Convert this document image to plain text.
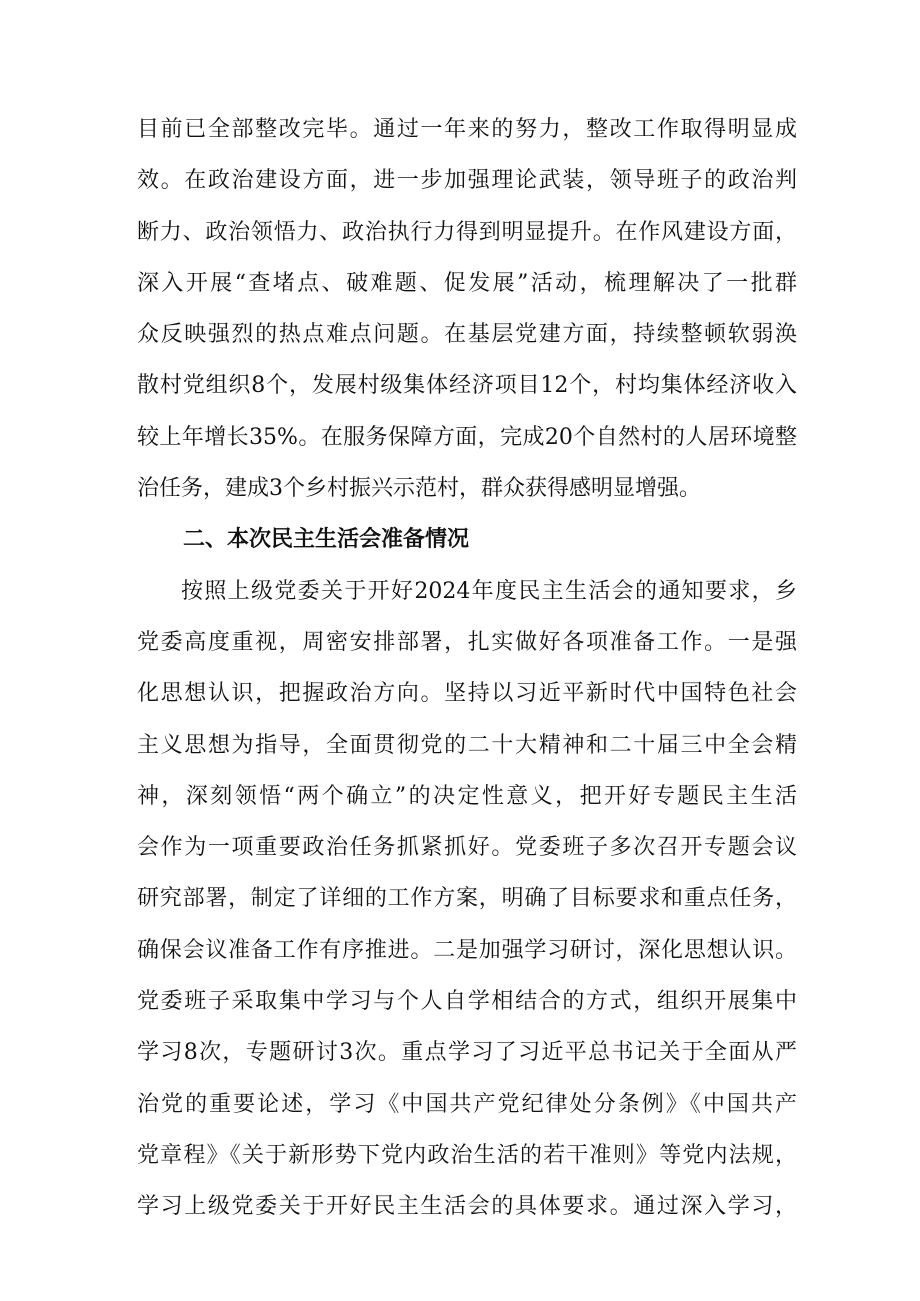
目前已全部整改完毕。通过一年来的努力，整改工作取得明显成
效。在政治建设方面，进一步加强理论武装，领导班子的政治判
断力、政治领悟力、政治执行力得到明显提升。在作风建设方面，
深入开展“查堵点、破难题、促发展”活动，梳理解决了一批群
众反映强烈的热点难点问题。在基层党建方面，持续整顿软弱涣
散村党组织8个，发展村级集体经济项目12个，村均集体经济收入
较上年增长35%。在服务保障方面，完成20个自然村的人居环境整
治任务，建成3个乡村振兴示范村，群众获得感明显增强。
二、本次民主生活会准备情况
按照上级党委关于开好2024年度民主生活会的通知要求，乡
党委高度重视，周密安排部署，扎实做好各项准备工作。一是强
化思想认识，把握政治方向。坚持以习近平新时代中国特色社会
主义思想为指导，全面贯彻党的二十大精神和二十届三中全会精
神，深刻领悟“两个确立”的决定性意义，把开好专题民主生活
会作为一项重要政治任务抓紧抓好。党委班子多次召开专题会议
研究部署，制定了详细的工作方案，明确了目标要求和重点任务，
确保会议准备工作有序推进。二是加强学习研讨，深化思想认识。
党委班子采取集中学习与个人自学相结合的方式，组织开展集中
学习8次，专题研讨3次。重点学习了习近平总书记关于全面从严
治党的重要论述，学习《中国共产党纪律处分条例》《中国共产
党章程》《关于新形势下党内政治生活的若干准则》等党内法规，
学习上级党委关于开好民主生活会的具体要求。通过深入学习，
